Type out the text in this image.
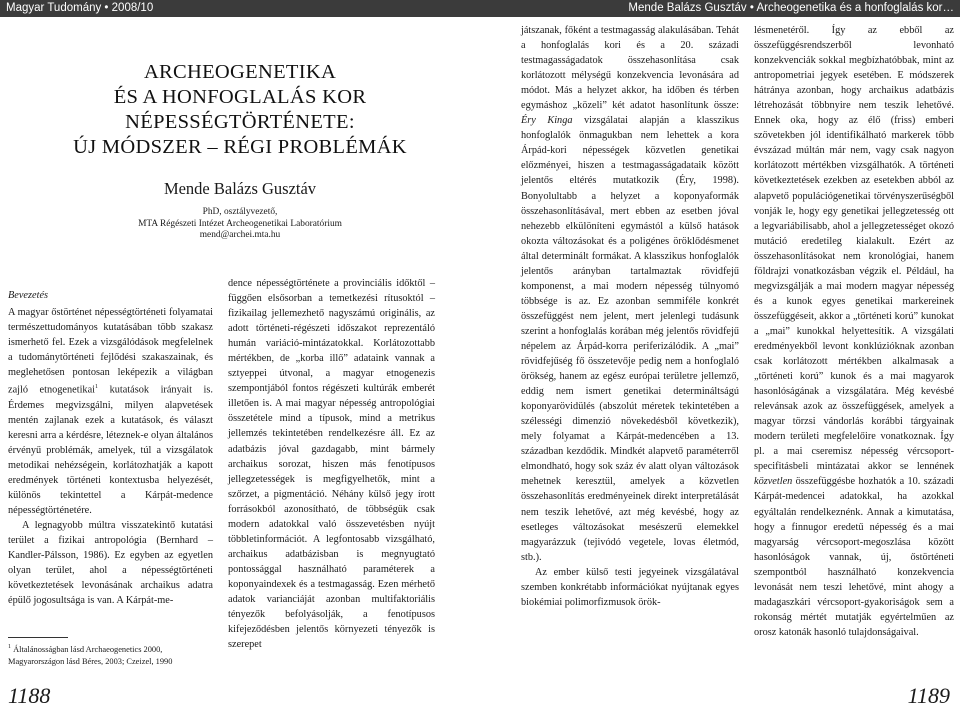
Magyar Tudomány • 2008/10	Mende Balázs Gusztáv • Archeogenetika és a honfoglalás kor…
ARCHEOGENETIKA
ÉS A HONFOGLALÁS KOR
NÉPESSÉGTÖRTÉNETE:
ÚJ MÓDSZER – RÉGI PROBLÉMÁK
Mende Balázs Gusztáv
PhD, osztályvezető,
MTA Régészeti Intézet Archeogenetikai Laboratórium
mend@archei.mta.hu

Bevezetés

A magyar őstörténet népességtörténeti folyamatai természettudományos kutatásában több szakasz ismerhető fel. Ezek a vizsgálódások megfelelnek a tudománytörténeti fejlődési szakaszainak, és meglehetősen pontosan leképezik a világban zajló etnogenetikai$^1$ kutatások irányait is. Érdemes megvizsgálni, milyen alapvetések mentén zajlanak ezek a kutatások, és választ keresni arra a kérdésre, léteznek-e olyan általános érvényű problémák, amelyek, túl a vizsgálatok metodikai nehézségein, korlátozhatják a kapott eredmények történeti kontextusba helyezését, különös tekintettel a Kárpát-medence népességtörténetére.

A legnagyobb múltra visszatekintő kutatási terület a fizikai antropológia (Bernhard – Kandler-Pálsson, 1986). Ez egyben az egyetlen olyan terület, ahol a népességtörténeti következtetések levonásának archaikus adatra épülő jogosultsága is van. A Kárpát-me-

$^1$ Általánosságban lásd Archaeogenetics 2000, Magyarországon lásd Béres, 2003; Czeizel, 1990

dence népességtörténete a provinciális időktől – függően elsősorban a temetkezési rítusoktól – fizikailag jellemezhető nagyszámú originális, az adott történeti-régészeti időszakot reprezentáló humán variáció-mintázatokkal. Korlátozottabb mértékben, de „korba illő” adataink vannak a sztyeppei útvonal, a magyar etnogenezis szempontjából fontos régészeti kultúrák emberét illetően is. A mai magyar népesség antropológiai összetétele mind a típusok, mind a metrikus jellemzés tekintetében rendelkezésre áll. Ez az adatbázis jóval gazdagabb, mint bármely archaikus sorozat, hiszen más fenotípusos jellegzetességek is megfigyelhetők, mint a szőrzet, a pigmentáció. Néhány külső jegy írott forrásokból azonosítható, de többségük csak modern adatokkal való összevetésben nyújt többletinformációt. A legfontosabb vizsgálható, archaikus adatbázisban is megnyugtató pontossággal használható paraméterek a koponyaindexek és a testmagasság. Ezen mérhető adatok varianciáját azonban multifaktoriális tényezők befolyásolják, a fenotípusos kifejeződésben jelentős környezeti tényezők is szerepet

játszanak, főként a testmagasság alakulásában. Tehát a honfoglalás kori és a 20. századi testmagasságadatok összehasonlítása csak korlátozott mélységű konzekvencia levonására ad módot. Más a helyzet akkor, ha időben és térben egymáshoz „közeli” két adatot hasonlítunk össze: Éry Kinga vizsgálatai alapján a klasszikus honfoglalók önmagukban nem lehettek a kora Árpád-kori népességek közvetlen genetikai előzményei, hiszen a testmagasságadataik között jelentős eltérés mutatkozik (Éry, 1998). Bonyolultabb a helyzet a koponyaformák összehasonlításával, mert ebben az esetben jóval nehezebb elkülöníteni egymástól a külső hatások okozta változásokat és a poligénes öröklődésmenet által determinált formákat. A klasszikus honfoglalók jelentős arányban tartalmaztak rövidfejű komponenst, a mai modern népesség túlnyomó többsége is az. Ez azonban semmiféle konkrét összefüggést nem jelent, mert jelenlegi tudásunk szerint a honfoglalás korában még jelentős rövidfejű népelem az Árpád-korra periferizálódik. A „mai” rövidfejűség fő összetevője pedig nem a honfoglaló örökség, hanem az egész európai területre jellemző, eddig nem ismert genetikai determináltságú koponyarövidülés (abszolút méretek tekintetében a szélességi dimenzió növekedésből következik), mely folyamat a Kárpát-medencében a 13. században kezdődik. Mindkét alapvető paraméterről elmondható, hogy sok száz év alatt olyan változások mehetnek keresztül, amelyek a közvetlen összehasonlítás eredményeinek direkt interpretálását nem teszik lehetővé, azt még kevésbé, hogy az esetleges változásokat mesészerű elemekkel magyarázzuk (tejivódó vegetele, lovas életmód, stb.).

Az ember külső testi jegyeinek vizsgálatával szemben konkrétabb információkat nyújtanak egyes biokémiai polimorfizmusok örök-

lésmenetéről. Így az ebből az összefüggésrendszerből levonható konzekvenciák sokkal megbízhatóbbak, mint az antropometriai jegyek esetében. E módszerek hátránya azonban, hogy archaikus adatbázis létrehozását többnyire nem teszik lehetővé. Ennek oka, hogy az élő (friss) emberi szövetekben jól identifikálható markerek több évszázad múltán már nem, vagy csak nagyon korlátozott mértékben vizsgálhatók. A történeti következtetések ezekben az esetekben abból az alapvető populációgenetikai törvényszerűségből vonják le, hogy egy genetikai jellegzetesség ott a legvariábilisabb, ahol a jellegzetességet okozó mutáció eredetileg kialakult. Ezért az összehasonlításokat nem kronológiai, hanem földrajzi vonatkozásban végzik el. Például, ha megvizsgálják a mai modern magyar népesség és a kunok egyes genetikai markereinek összefüggéseit, akkor a „történeti korú” kunokat a „mai” kunokkal helyettesítik. A vizsgálati eredményekből levont konklúzióknak azonban csak korlátozott mértékben alkalmasak a „történeti korú” kunok és a mai magyarok hasonlóságának a vizsgálatára. Még kevésbé relevánsak azok az összefüggések, amelyek a magyar törzsi vándorlás korábbi tárgyainak modern területi megfelelőire vonatkoznak. Így pl. a mai cseremisz népesség vércsoport-specifitásbeli mintázatai akkor se lennének közvetlen összefüggésbe hozhatók a 10. századi Kárpát-medencei adatokkal, ha azokkal egyáltalán rendelkeznénk. Annak a kimutatása, hogy a finnugor eredetű népesség és a mai magyarság vércsoport-megoszlása között hasonlóságok vannak, új, őstörténeti szempontból használható konzekvencia levonását nem teszi lehetővé, mint ahogy a madagaszkári vércsoport-gyakoriságok sem a rokonság mértét mutatják egyértelműen az orosz katonák hasonló tulajdonságaival.

1188	1189
